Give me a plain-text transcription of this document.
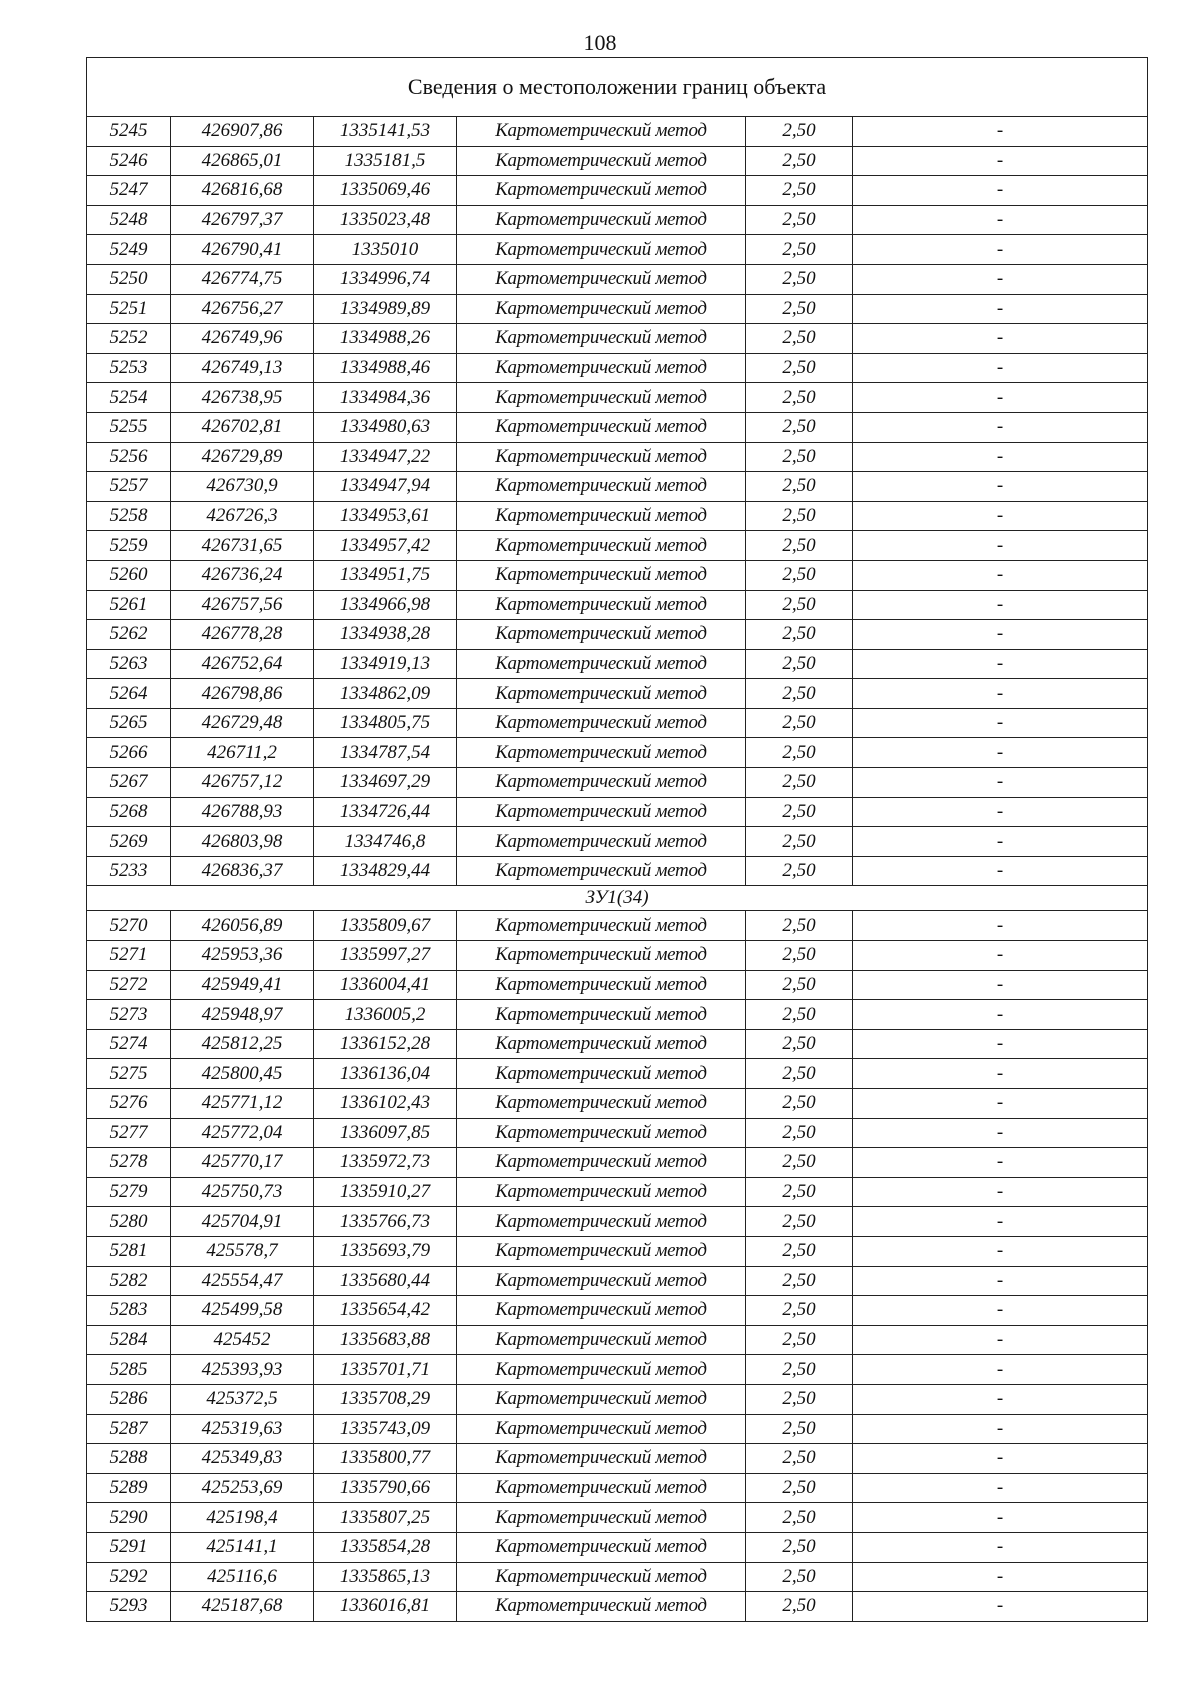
108
Сведения о местоположении границ объекта					
5245	426907,86	1335141,53	Картометрический метод	2,50	-
5246	426865,01	1335181,5	Картометрический метод	2,50	-
5247	426816,68	1335069,46	Картометрический метод	2,50	-
5248	426797,37	1335023,48	Картометрический метод	2,50	-
5249	426790,41	1335010	Картометрический метод	2,50	-
5250	426774,75	1334996,74	Картометрический метод	2,50	-
5251	426756,27	1334989,89	Картометрический метод	2,50	-
5252	426749,96	1334988,26	Картометрический метод	2,50	-
5253	426749,13	1334988,46	Картометрический метод	2,50	-
5254	426738,95	1334984,36	Картометрический метод	2,50	-
5255	426702,81	1334980,63	Картометрический метод	2,50	-
5256	426729,89	1334947,22	Картометрический метод	2,50	-
5257	426730,9	1334947,94	Картометрический метод	2,50	-
5258	426726,3	1334953,61	Картометрический метод	2,50	-
5259	426731,65	1334957,42	Картометрический метод	2,50	-
5260	426736,24	1334951,75	Картометрический метод	2,50	-
5261	426757,56	1334966,98	Картометрический метод	2,50	-
5262	426778,28	1334938,28	Картометрический метод	2,50	-
5263	426752,64	1334919,13	Картометрический метод	2,50	-
5264	426798,86	1334862,09	Картометрический метод	2,50	-
5265	426729,48	1334805,75	Картометрический метод	2,50	-
5266	426711,2	1334787,54	Картометрический метод	2,50	-
5267	426757,12	1334697,29	Картометрический метод	2,50	-
5268	426788,93	1334726,44	Картометрический метод	2,50	-
5269	426803,98	1334746,8	Картометрический метод	2,50	-
5233	426836,37	1334829,44	Картометрический метод	2,50	-
ЗУ1(34)					
5270	426056,89	1335809,67	Картометрический метод	2,50	-
5271	425953,36	1335997,27	Картометрический метод	2,50	-
5272	425949,41	1336004,41	Картометрический метод	2,50	-
5273	425948,97	1336005,2	Картометрический метод	2,50	-
5274	425812,25	1336152,28	Картометрический метод	2,50	-
5275	425800,45	1336136,04	Картометрический метод	2,50	-
5276	425771,12	1336102,43	Картометрический метод	2,50	-
5277	425772,04	1336097,85	Картометрический метод	2,50	-
5278	425770,17	1335972,73	Картометрический метод	2,50	-
5279	425750,73	1335910,27	Картометрический метод	2,50	-
5280	425704,91	1335766,73	Картометрический метод	2,50	-
5281	425578,7	1335693,79	Картометрический метод	2,50	-
5282	425554,47	1335680,44	Картометрический метод	2,50	-
5283	425499,58	1335654,42	Картометрический метод	2,50	-
5284	425452	1335683,88	Картометрический метод	2,50	-
5285	425393,93	1335701,71	Картометрический метод	2,50	-
5286	425372,5	1335708,29	Картометрический метод	2,50	-
5287	425319,63	1335743,09	Картометрический метод	2,50	-
5288	425349,83	1335800,77	Картометрический метод	2,50	-
5289	425253,69	1335790,66	Картометрический метод	2,50	-
5290	425198,4	1335807,25	Картометрический метод	2,50	-
5291	425141,1	1335854,28	Картометрический метод	2,50	-
5292	425116,6	1335865,13	Картометрический метод	2,50	-
5293	425187,68	1336016,81	Картометрический метод	2,50	-
